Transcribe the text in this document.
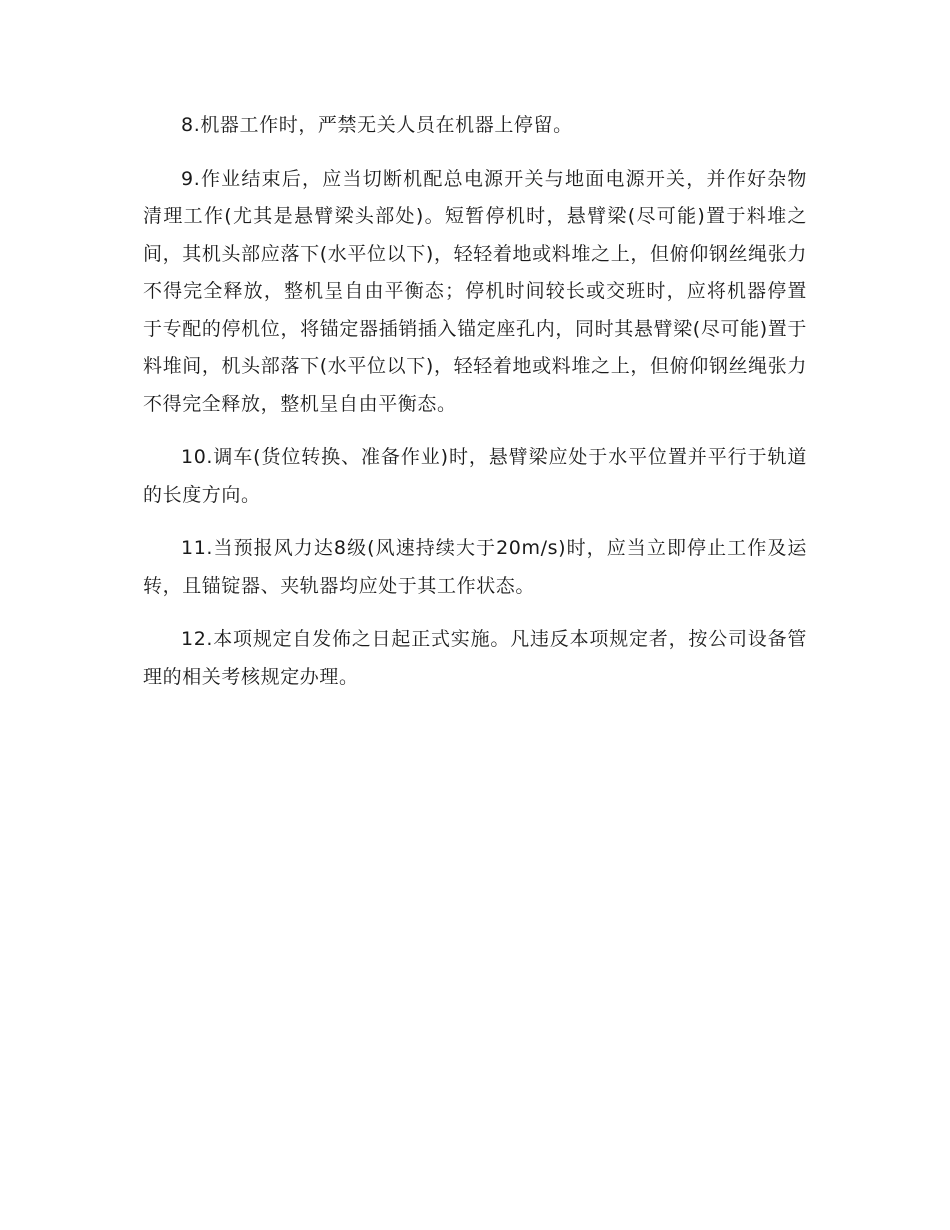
8.机器工作时，严禁无关人员在机器上停留。

9.作业结束后，应当切断机配总电源开关与地面电源开关，并作好杂物清理工作(尤其是悬臂梁头部处)。短暂停机时，悬臂梁(尽可能)置于料堆之间，其机头部应落下(水平位以下)，轻轻着地或料堆之上，但俯仰钢丝绳张力不得完全释放，整机呈自由平衡态；停机时间较长或交班时，应将机器停置于专配的停机位，将锚定器插销插入锚定座孔内，同时其悬臂梁(尽可能)置于料堆间，机头部落下(水平位以下)，轻轻着地或料堆之上，但俯仰钢丝绳张力不得完全释放，整机呈自由平衡态。

10.调车(货位转换、准备作业)时，悬臂梁应处于水平位置并平行于轨道的长度方向。

11.当预报风力达8级(风速持续大于20m/s)时，应当立即停止工作及运转，且锚锭器、夹轨器均应处于其工作状态。

12.本项规定自发佈之日起正式实施。凡违反本项规定者，按公司设备管理的相关考核规定办理。
